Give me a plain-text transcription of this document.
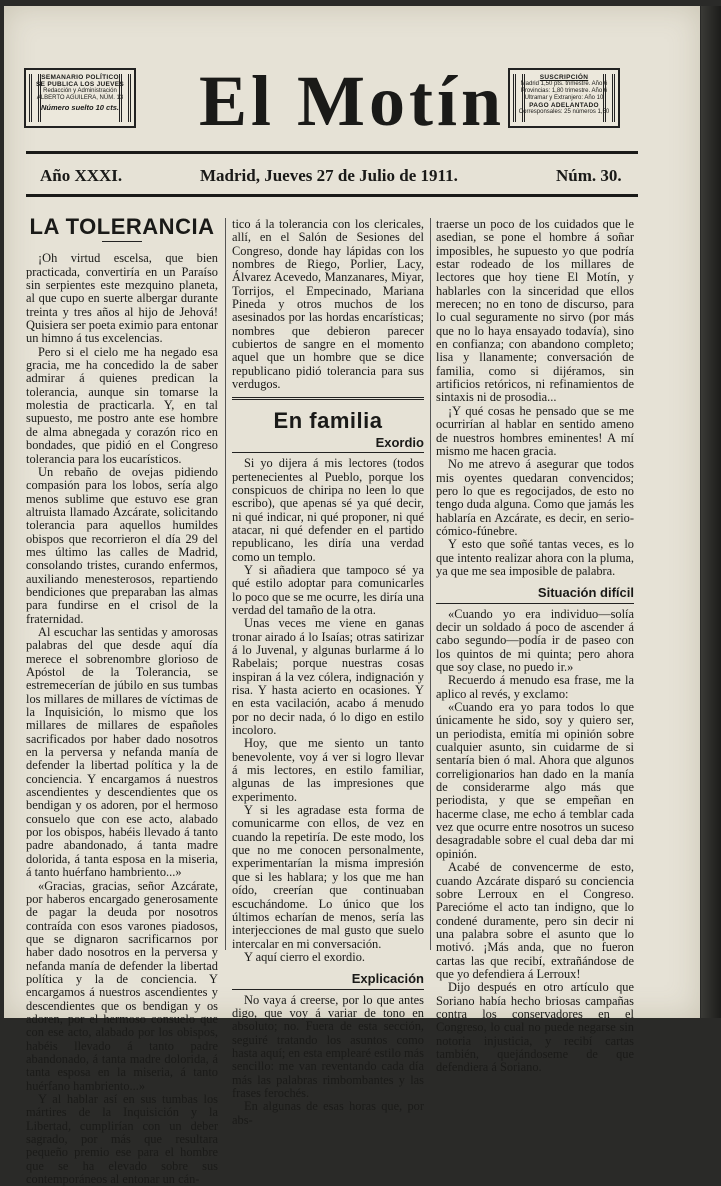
SEMANARIO POLÍTICO
SE PUBLICA LOS JUEVES
Redacción y Administración
ALBERTO AGUILERA, NÚM. 13
Número suelto 10 cts.	El Motín	SUSCRIPCIÓN
Madrid 1,50 pts. trimestre. Año 6
Provincias: 1,80 trimestre. Año 6
Ultramar y Extranjero: Año 10
PAGO ADELANTADO
Corresponsales: 25 números 1,50
Año XXXI.	Madrid, Jueves 27 de Julio de 1911.	Núm. 30.
LA TOLERANCIA

¡Oh virtud escelsa, que bien practicada, convertiría en un Paraíso sin serpientes este mezquino planeta, al que cupo en suerte albergar durante treinta y tres años al hijo de Jehová! Quisiera ser poeta eximio para entonar un himno á tus excelencias.

Pero si el cielo me ha negado esa gracia, me ha concedido la de saber admirar á quienes predican la tolerancia, aunque sin tomarse la molestia de practicarla. Y, en tal supuesto, me postro ante ese hombre de alma abnegada y corazón rico en bondades, que pidió en el Congreso tolerancia para los eucarísticos.

Un rebaño de ovejas pidiendo compasión para los lobos, sería algo menos sublime que estuvo ese gran altruista llamado Azcárate, solicitando tolerancia para aquellos humildes obispos que recorrieron el día 29 del mes último las calles de Madrid, consolando tristes, curando enfermos, auxiliando menesterosos, repartiendo bendiciones que preparaban las almas para fundirse en el crisol de la fraternidad.

Al escuchar las sentidas y amorosas palabras del que desde aquí día merece el sobrenombre glorioso de Apóstol de la Tolerancia, se estremecerían de júbilo en sus tumbas los millares de millares de víctimas de la Inquisición, lo mismo que los millares de millares de españoles sacrificados por haber dado nosotros en la perversa y nefanda manía de defender la libertad política y la de conciencia. Y encargamos á nuestros ascendientes y descendientes que os bendigan y os adoren, por el hermoso consuelo que con ese acto, alabado por los obispos, habéis llevado á tanto padre abandonado, á tanta madre dolorida, á tanta esposa en la miseria, á tanto huérfano hambriento...»

«Gracias, gracias, señor Azcárate, por haberos encargado generosamente de pagar la deuda por nosotros contraída con esos varones piadosos, que se dignaron sacrificarnos por haber dado nosotros en la perversa y nefanda manía de defender la libertad política y la de conciencia. Y encargamos á nuestros ascendientes y descendientes que os bendigan y os adoren, por el hermoso consuelo que con ese acto, alabado por los obispos, habéis llevado á tanto padre abandonado, á tanta madre dolorida, á tanta esposa en la miseria, á tanto huérfano hambriento...»

Y al hablar así en sus tumbas los mártires de la Inquisición y la Libertad, cumplirían con un deber sagrado, por más que resultara pequeño premio ese para el hombre que se ha elevado sobre sus contemporáneos al entonar un cán-

tico á la tolerancia con los clericales, allí, en el Salón de Sesiones del Congreso, donde hay lápidas con los nombres de Riego, Porlier, Lacy, Álvarez Acevedo, Manzanares, Miyar, Torrijos, el Empecinado, Mariana Pineda y otros muchos de los asesinados por las hordas encarísticas; nombres que debieron parecer cubiertos de sangre en el momento aquel que un hombre que se dice republicano pidió tolerancia para sus verdugos.

En familia
Exordio

Si yo dijera á mis lectores (todos pertenecientes al Pueblo, porque los conspicuos de chiripa no leen lo que escribo), que apenas sé ya qué decir, ni qué indicar, ni qué proponer, ni qué atacar, ni qué defender en el partido republicano, les diría una verdad como un templo.

Y si añadiera que tampoco sé ya qué estilo adoptar para comunicarles lo poco que se me ocurre, les diría una verdad del tamaño de la otra.

Unas veces me viene en ganas tronar airado á lo Isaías; otras satirizar á lo Juvenal, y algunas burlarme á lo Rabelais; porque nuestras cosas inspiran á la vez cólera, indignación y risa. Y hasta acierto en ocasiones. Y en esta vacilación, acabo á menudo por no decir nada, ó lo digo en estilo incoloro.

Hoy, que me siento un tanto benevolente, voy á ver si logro llevar á mis lectores, en estilo familiar, algunas de las impresiones que experimento.

Y si les agradase esta forma de comunicarme con ellos, de vez en cuando la repetiría. De este modo, los que no me conocen personalmente, experimentarían la misma impresión que si les hablara; y los que me han oído, creerían que continuaban escuchándome. Lo único que los últimos echarían de menos, sería las interjecciones de mal gusto que suelo intercalar en mi conversación.

Y aquí cierro el exordio.

Explicación

No vaya á creerse, por lo que antes digo, que voy á variar de tono en absoluto; no. Fuera de esta sección, seguiré tratando los asuntos como hasta aquí; en esta emplearé estilo más sencillo: me van reventando cada día más las palabras rimbombantes y las frases ferochés.

En algunas de esas horas que, por abs-

traerse un poco de los cuidados que le asedian, se pone el hombre á soñar imposibles, he supuesto yo que podría estar rodeado de los millares de lectores que hoy tiene El Motín, y hablarles con la sinceridad que ellos merecen; no en tono de discurso, para lo cual seguramente no sirvo (por más que no lo haya ensayado todavía), sino en confianza; con abandono completo; lisa y llanamente; conversación de familia, como si dijéramos, sin artificios retóricos, ni refinamientos de sintaxis ni de prosodia...

¡Y qué cosas he pensado que se me ocurrirían al hablar en sentido ameno de nuestros hombres eminentes! A mí mismo me hacen gracia.

No me atrevo á asegurar que todos mis oyentes quedaran convencidos; pero lo que es regocijados, de esto no tengo duda alguna. Como que jamás les hablaría en Azcárate, es decir, en serio-cómico-fúnebre.

Y esto que soñé tantas veces, es lo que intento realizar ahora con la pluma, ya que me sea imposible de palabra.

Situación difícil

«Cuando yo era individuo—solía decir un soldado á poco de ascender á cabo segundo—podía ir de paseo con los quintos de mi quinta; pero ahora que soy clase, no puedo ir.»

Recuerdo á menudo esa frase, me la aplico al revés, y exclamo:

«Cuando era yo para todos lo que únicamente he sido, soy y quiero ser, un periodista, emitía mi opinión sobre cualquier asunto, sin cuidarme de si sentaría bien ó mal. Ahora que algunos correligionarios han dado en la manía de considerarme algo más que periodista, y que se empeñan en hacerme clase, me echo á temblar cada vez que ocurre entre nosotros un suceso desagradable sobre el cual deba dar mi opinión.

Acabé de convencerme de esto, cuando Azcárate disparó su conciencia sobre Lerroux en el Congreso. Parecióme el acto tan indigno, que lo condené duramente, pero sin decir ni una palabra sobre el asunto que lo motivó. ¡Más anda, que no fueron cartas las que recibí, extrañándose de que yo defendiera á Lerroux!

Dijo después en otro artículo que Soriano había hecho briosas campañas contra los conservadores en el Congreso, lo cual no puede negarse sin notoria injusticia, y recibí cartas también, quejándoseme de que defendiera á Soriano.
